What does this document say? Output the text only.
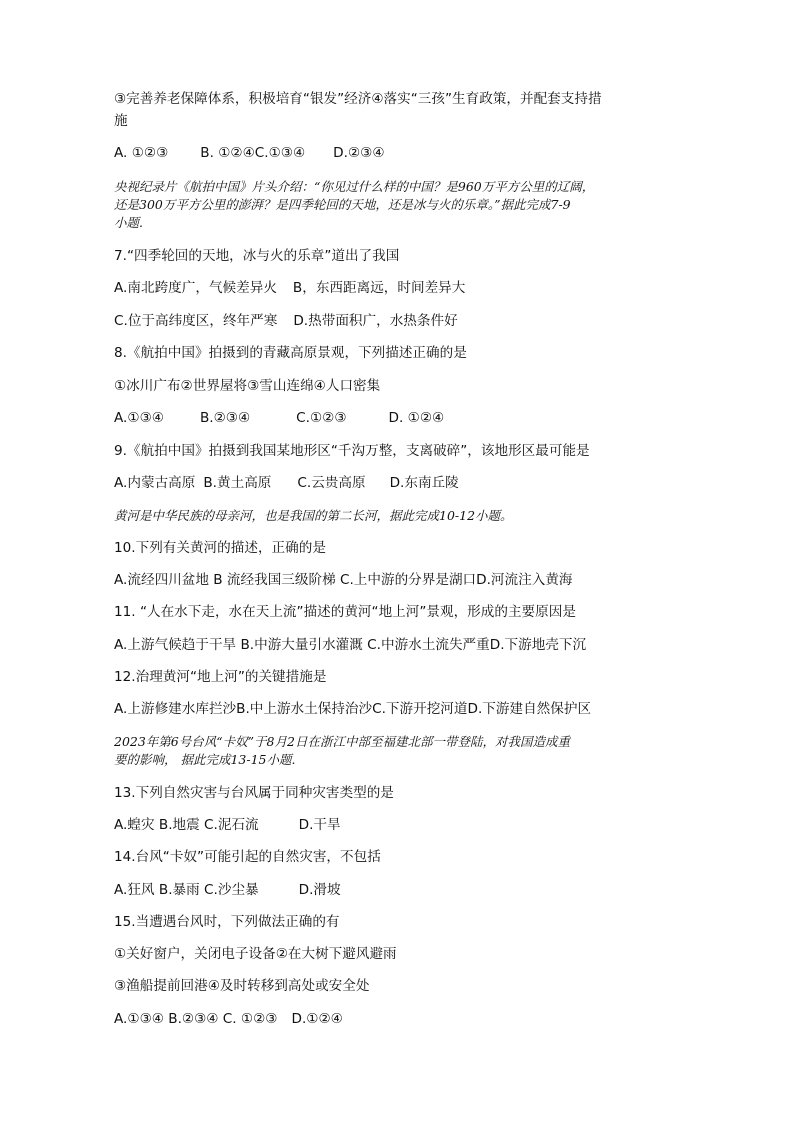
③完善养老保障体系，积极培育“银发”经济④落实“三孩”生育政策，并配套支持措
施
A. ①②③ B. ①②④C.①③④ D.②③④
央视纪录片《航拍中国》片头介绍：“你见过什么样的中国？是960万平方公里的辽阔，
还是300万平方公里的澎湃？是四季轮回的天地，还是冰与火的乐章。”据此完成7-9
小题.
7.“四季轮回的天地，冰与火的乐章”道出了我国
A.南北跨度广，气候差异火 B，东西距离远，时间差异大
C.位于高纬度区，终年严寒 D.热带面积广，水热条件好
8.《航拍中国》拍摄到的青藏高原景观，下列描述正确的是
①冰川广布②世界屋将③雪山连绵④人口密集
A.①③④	B.②③④	C.①②③	D. ①②④
9.《航拍中国》拍摄到我国某地形区“千沟万整，支离破碎”，该地形区最可能是
A.内蒙古高原 B.黄土高原 C.云贵高原 D.东南丘陵
黄河是中华民族的母亲河，也是我国的第二长河，据此完成10-12小题。
10.下列有关黄河的描述，正确的是
A.流经四川盆地 B 流经我国三级阶梯 C.上中游的分界是湖口D.河流注入黄海
11. “人在水下走，水在天上流”描述的黄河“地上河”景观，形成的主要原因是
A.上游气候趋于干旱 B.中游大量引水灌溉 C.中游水土流失严重D.下游地壳下沉
12.治理黄河“地上河”的关键措施是
A.上游修建水库拦沙B.中上游水土保持治沙C.下游开挖河道D.下游建自然保护区
2023年第6号台风“卡奴”于8月2日在浙江中部至福建北部一带登陆，对我国造成重
要的影响， 据此完成13-15小题.
13.下列自然灾害与台风属于同种灾害类型的是
A.蝗灾 B.地震 C.泥石流	D.干旱
14.台风“卡奴”可能引起的自然灾害，不包括
A.狂风 B.暴雨 C.沙尘暴	D.滑坡
15.当遭遇台风时，下列做法正确的有
①关好窗户，关闭电子设备②在大树下避风避雨
③渔船提前回港④及时转移到高处或安全处
A.①③④ B.②③④ C. ①②③ D.①②④
